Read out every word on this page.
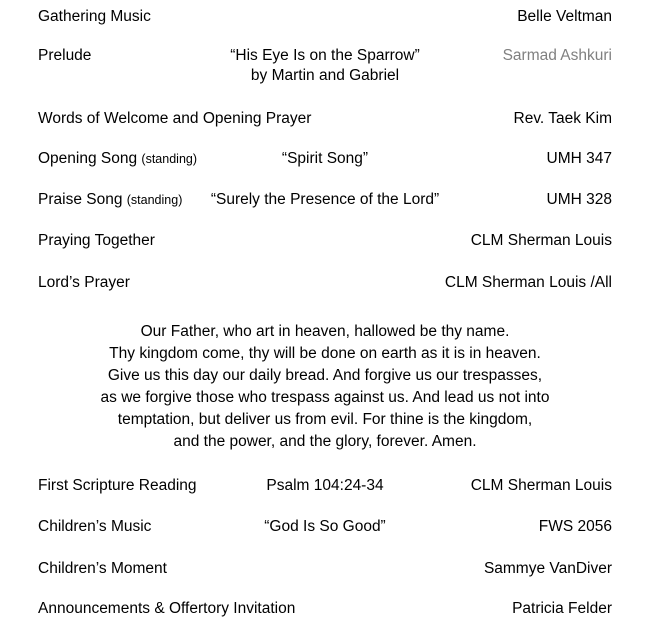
Gathering Music	Belle Veltman
Prelude	“His Eye Is on the Sparrow”	Sarmad Ashkuri
by Martin and Gabriel
Words of Welcome and Opening Prayer	Rev. Taek Kim
Opening Song (standing)	“Spirit Song”	UMH 347
Praise Song (standing)	“Surely the Presence of the Lord”	UMH 328
Praying Together	CLM Sherman Louis
Lord’s Prayer	CLM Sherman Louis /All
Our Father, who art in heaven, hallowed be thy name.
Thy kingdom come, thy will be done on earth as it is in heaven.
Give us this day our daily bread. And forgive us our trespasses,
as we forgive those who trespass against us. And lead us not into
temptation, but deliver us from evil. For thine is the kingdom,
and the power, and the glory, forever. Amen.
First Scripture Reading	Psalm 104:24-34	CLM Sherman Louis
Children’s Music	“God Is So Good”	FWS 2056
Children’s Moment	Sammye VanDiver
Announcements & Offertory Invitation	Patricia Felder
